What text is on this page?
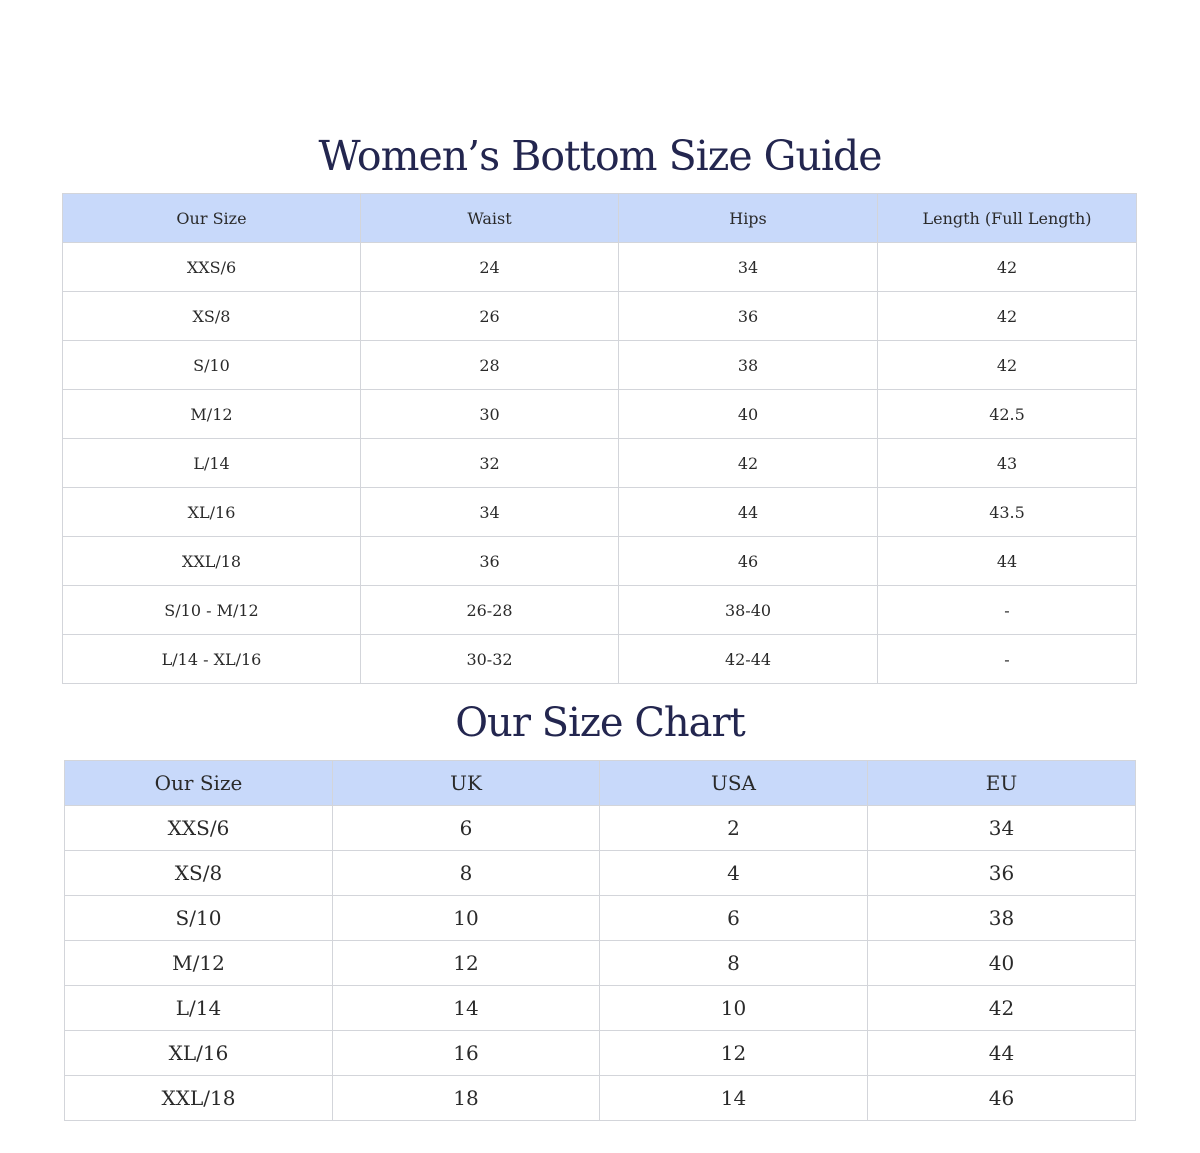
Women’s Bottom Size Guide
Our Size	Waist	Hips	Length (Full Length)
XXS/6	24	34	42
XS/8	26	36	42
S/10	28	38	42
M/12	30	40	42.5
L/14	32	42	43
XL/16	34	44	43.5
XXL/18	36	46	44
S/10 - M/12	26-28	38-40	-
L/14 - XL/16	30-32	42-44	-
Our Size Chart
Our Size	UK	USA	EU
XXS/6	6	2	34
XS/8	8	4	36
S/10	10	6	38
M/12	12	8	40
L/14	14	10	42
XL/16	16	12	44
XXL/18	18	14	46
